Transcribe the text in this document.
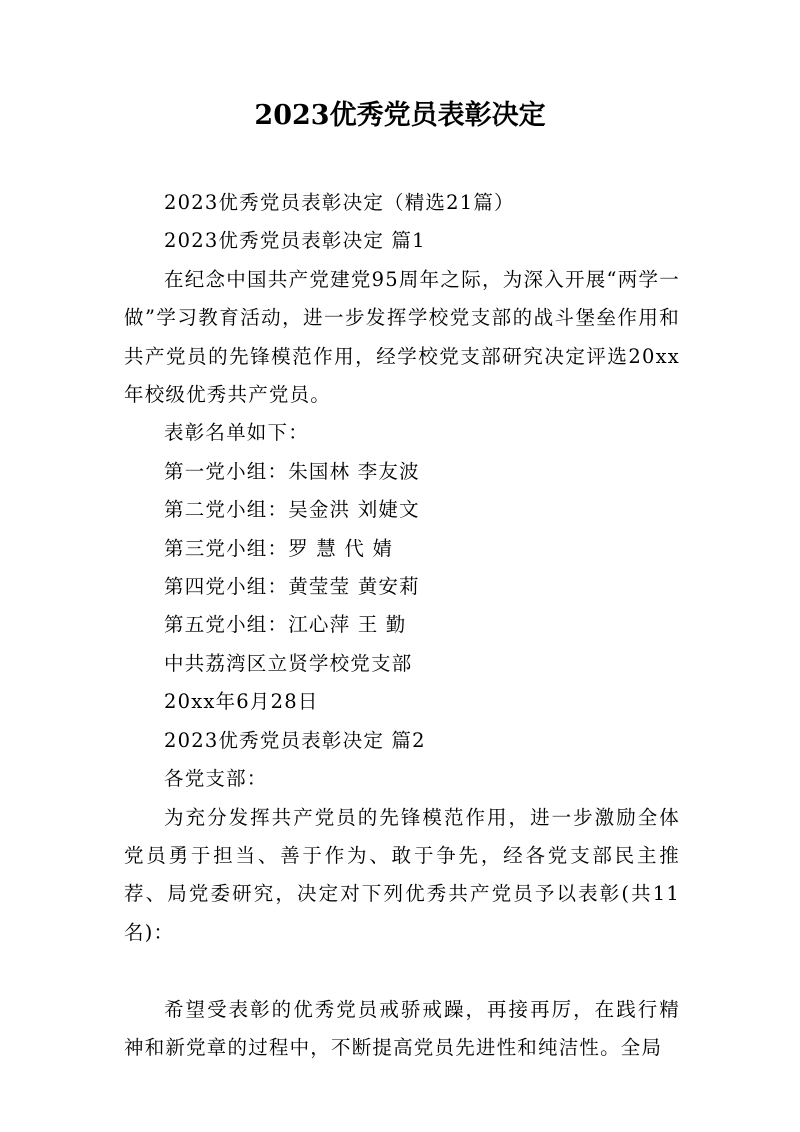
2023优秀党员表彰决定

2023优秀党员表彰决定（精选21篇）

2023优秀党员表彰决定 篇1

在纪念中国共产党建党95周年之际，为深入开展“两学一做”学习教育活动，进一步发挥学校党支部的战斗堡垒作用和共产党员的先锋模范作用，经学校党支部研究决定评选20xx年校级优秀共产党员。

表彰名单如下：

第一党小组：朱国林 李友波

第二党小组：吴金洪 刘婕文

第三党小组：罗 慧 代 婧

第四党小组：黄莹莹 黄安莉

第五党小组：江心萍 王 勤

中共荔湾区立贤学校党支部

20xx年6月28日

2023优秀党员表彰决定 篇2

各党支部：

为充分发挥共产党员的先锋模范作用，进一步激励全体党员勇于担当、善于作为、敢于争先，经各党支部民主推荐、局党委研究，决定对下列优秀共产党员予以表彰(共11名)：

希望受表彰的优秀党员戒骄戒躁，再接再厉，在践行精神和新党章的过程中，不断提高党员先进性和纯洁性。全局
